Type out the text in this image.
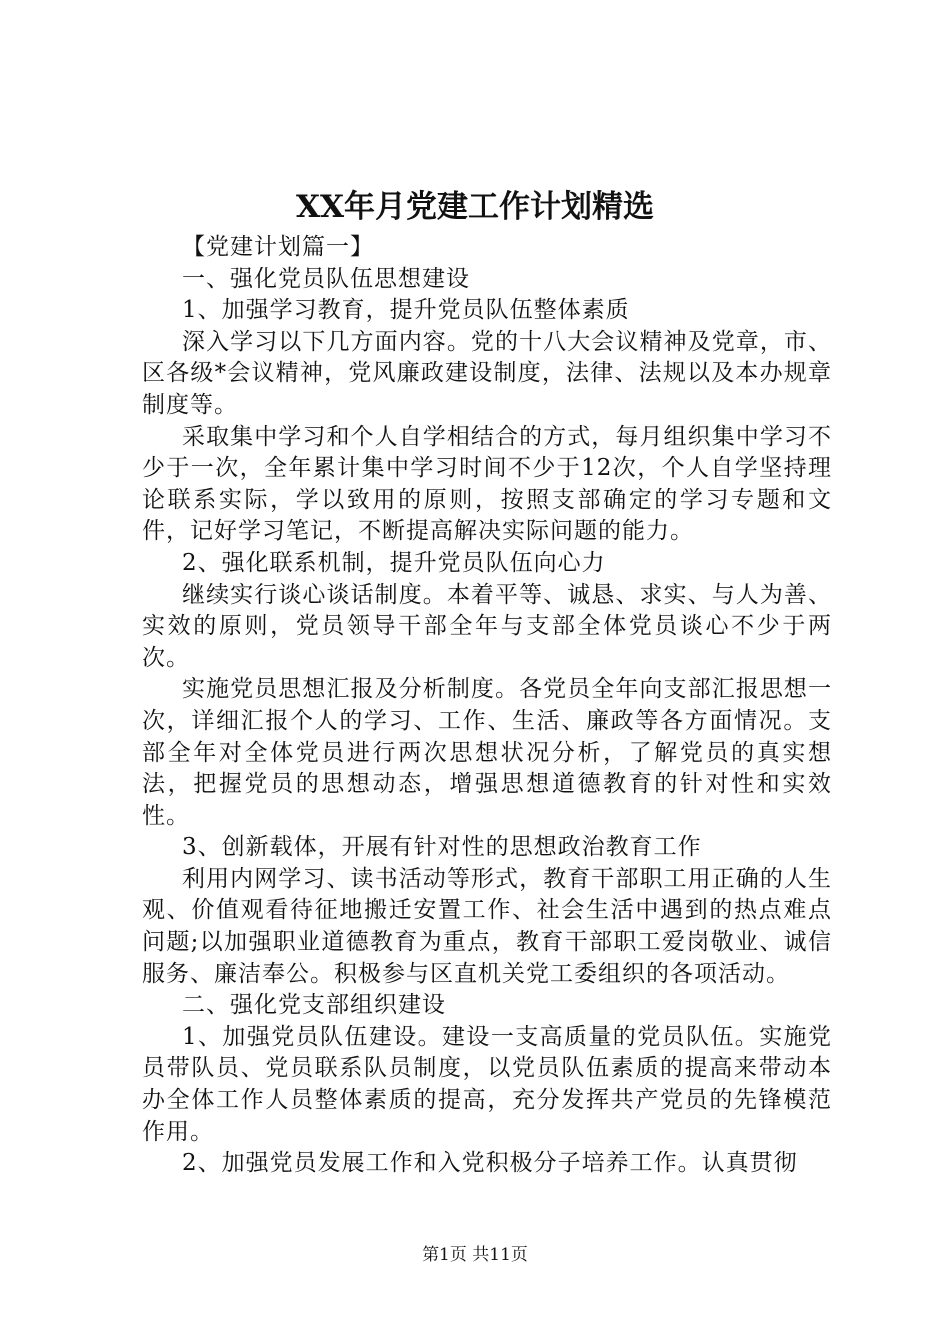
XX年月党建工作计划精选

【党建计划篇一】

一、强化党员队伍思想建设

1、加强学习教育，提升党员队伍整体素质

深入学习以下几方面内容。党的十八大会议精神及党章，市、区各级*会议精神，党风廉政建设制度，法律、法规以及本办规章制度等。

采取集中学习和个人自学相结合的方式，每月组织集中学习不少于一次，全年累计集中学习时间不少于12次，个人自学坚持理论联系实际，学以致用的原则，按照支部确定的学习专题和文件，记好学习笔记，不断提高解决实际问题的能力。

2、强化联系机制，提升党员队伍向心力

继续实行谈心谈话制度。本着平等、诚恳、求实、与人为善、实效的原则，党员领导干部全年与支部全体党员谈心不少于两次。

实施党员思想汇报及分析制度。各党员全年向支部汇报思想一次，详细汇报个人的学习、工作、生活、廉政等各方面情况。支部全年对全体党员进行两次思想状况分析，了解党员的真实想法，把握党员的思想动态，增强思想道德教育的针对性和实效性。

3、创新载体，开展有针对性的思想政治教育工作

利用内网学习、读书活动等形式，教育干部职工用正确的人生观、价值观看待征地搬迁安置工作、社会生活中遇到的热点难点问题;以加强职业道德教育为重点，教育干部职工爱岗敬业、诚信服务、廉洁奉公。积极参与区直机关党工委组织的各项活动。

二、强化党支部组织建设

1、加强党员队伍建设。建设一支高质量的党员队伍。实施党员带队员、党员联系队员制度，以党员队伍素质的提高来带动本办全体工作人员整体素质的提高，充分发挥共产党员的先锋模范作用。

2、加强党员发展工作和入党积极分子培养工作。认真贯彻

第1页 共11页
